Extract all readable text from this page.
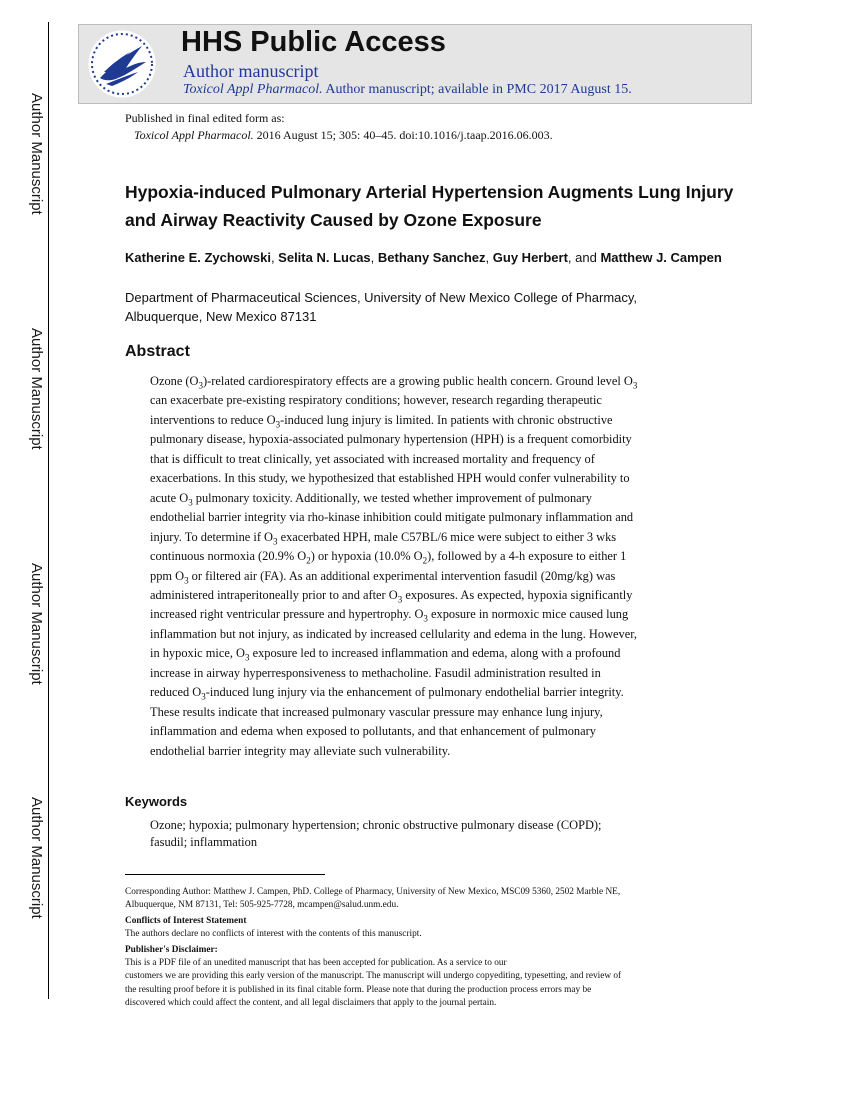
Author Manuscript
Author Manuscript
Author Manuscript
Author Manuscript
HHS Public Access
Author manuscript
Toxicol Appl Pharmacol. Author manuscript; available in PMC 2017 August 15.
Published in final edited form as:
Toxicol Appl Pharmacol. 2016 August 15; 305: 40–45. doi:10.1016/j.taap.2016.06.003.
Hypoxia-induced Pulmonary Arterial Hypertension Augments Lung Injury and Airway Reactivity Caused by Ozone Exposure
Katherine E. Zychowski, Selita N. Lucas, Bethany Sanchez, Guy Herbert, and Matthew J. Campen
Department of Pharmaceutical Sciences, University of New Mexico College of Pharmacy,
Albuquerque, New Mexico 87131
Abstract
Ozone $(O_3)$-related cardiorespiratory effects are a growing public health concern. Ground level $O_3$
can exacerbate pre-existing respiratory conditions; however, research regarding therapeutic
interventions to reduce $O_3$-induced lung injury is limited. In patients with chronic obstructive
pulmonary disease, hypoxia-associated pulmonary hypertension (HPH) is a frequent comorbidity
that is difficult to treat clinically, yet associated with increased mortality and frequency of
exacerbations. In this study, we hypothesized that established HPH would confer vulnerability to
acute $O_3$ pulmonary toxicity. Additionally, we tested whether improvement of pulmonary
endothelial barrier integrity via rho-kinase inhibition could mitigate pulmonary inflammation and
injury. To determine if $O_3$ exacerbated HPH, male C57BL/6 mice were subject to either 3 wks
continuous normoxia (20.9% $O_2$) or hypoxia (10.0% $O_2$), followed by a 4-h exposure to either 1
ppm $O_3$ or filtered air (FA). As an additional experimental intervention fasudil (20mg/kg) was
administered intraperitoneally prior to and after $O_3$ exposures. As expected, hypoxia significantly
increased right ventricular pressure and hypertrophy. $O_3$ exposure in normoxic mice caused lung
inflammation but not injury, as indicated by increased cellularity and edema in the lung. However,
in hypoxic mice, $O_3$ exposure led to increased inflammation and edema, along with a profound
increase in airway hyperresponsiveness to methacholine. Fasudil administration resulted in
reduced $O_3$-induced lung injury via the enhancement of pulmonary endothelial barrier integrity.
These results indicate that increased pulmonary vascular pressure may enhance lung injury,
inflammation and edema when exposed to pollutants, and that enhancement of pulmonary
endothelial barrier integrity may alleviate such vulnerability.
Keywords
Ozone; hypoxia; pulmonary hypertension; chronic obstructive pulmonary disease (COPD);
fasudil; inflammation
Corresponding Author: Matthew J. Campen, PhD. College of Pharmacy, University of New Mexico, MSC09 5360, 2502 Marble NE,
Albuquerque, NM 87131, Tel: 505-925-7728, mcampen@salud.unm.edu.
Conflicts of Interest Statement
The authors declare no conflicts of interest with the contents of this manuscript.
Publisher's Disclaimer:
This is a PDF file of an unedited manuscript that has been accepted for publication. As a service to our
customers we are providing this early version of the manuscript. The manuscript will undergo copyediting, typesetting, and review of
the resulting proof before it is published in its final citable form. Please note that during the production process errors may be
discovered which could affect the content, and all legal disclaimers that apply to the journal pertain.
